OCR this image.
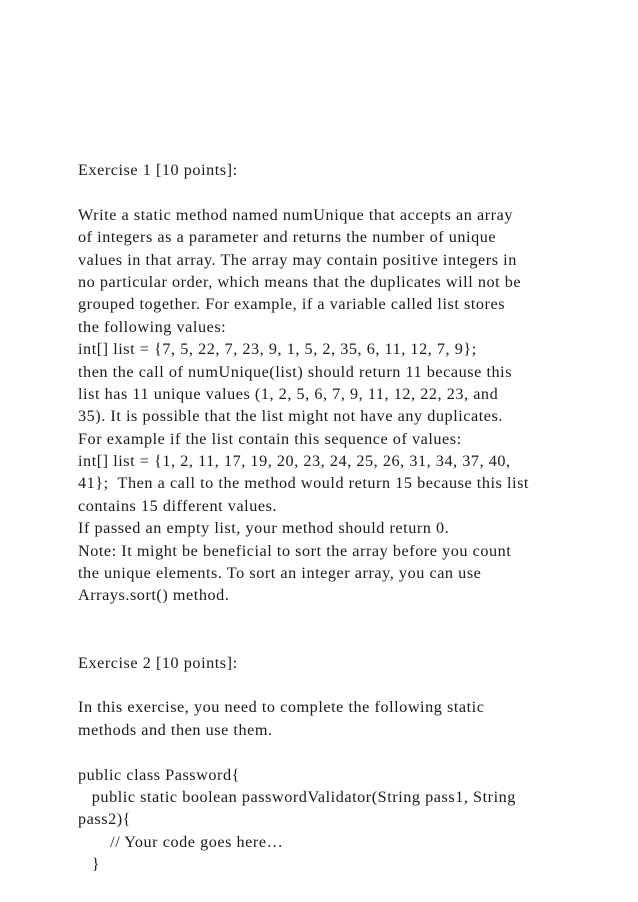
Exercise 1 [10 points]:
Write a static method named numUnique that accepts an array
of integers as a parameter and returns the number of unique
values in that array. The array may contain positive integers in
no particular order, which means that the duplicates will not be
grouped together. For example, if a variable called list stores
the following values:
int[] list = {7, 5, 22, 7, 23, 9, 1, 5, 2, 35, 6, 11, 12, 7, 9};
then the call of numUnique(list) should return 11 because this
list has 11 unique values (1, 2, 5, 6, 7, 9, 11, 12, 22, 23, and
35). It is possible that the list might not have any duplicates.
For example if the list contain this sequence of values:
int[] list = {1, 2, 11, 17, 19, 20, 23, 24, 25, 26, 31, 34, 37, 40,
41};  Then a call to the method would return 15 because this list
contains 15 different values.
If passed an empty list, your method should return 0.
Note: It might be beneficial to sort the array before you count
the unique elements. To sort an integer array, you can use
Arrays.sort() method.
Exercise 2 [10 points]:
In this exercise, you need to complete the following static
methods and then use them.
public class Password{
public static boolean passwordValidator(String pass1, String
pass2){
// Your code goes here…
}
